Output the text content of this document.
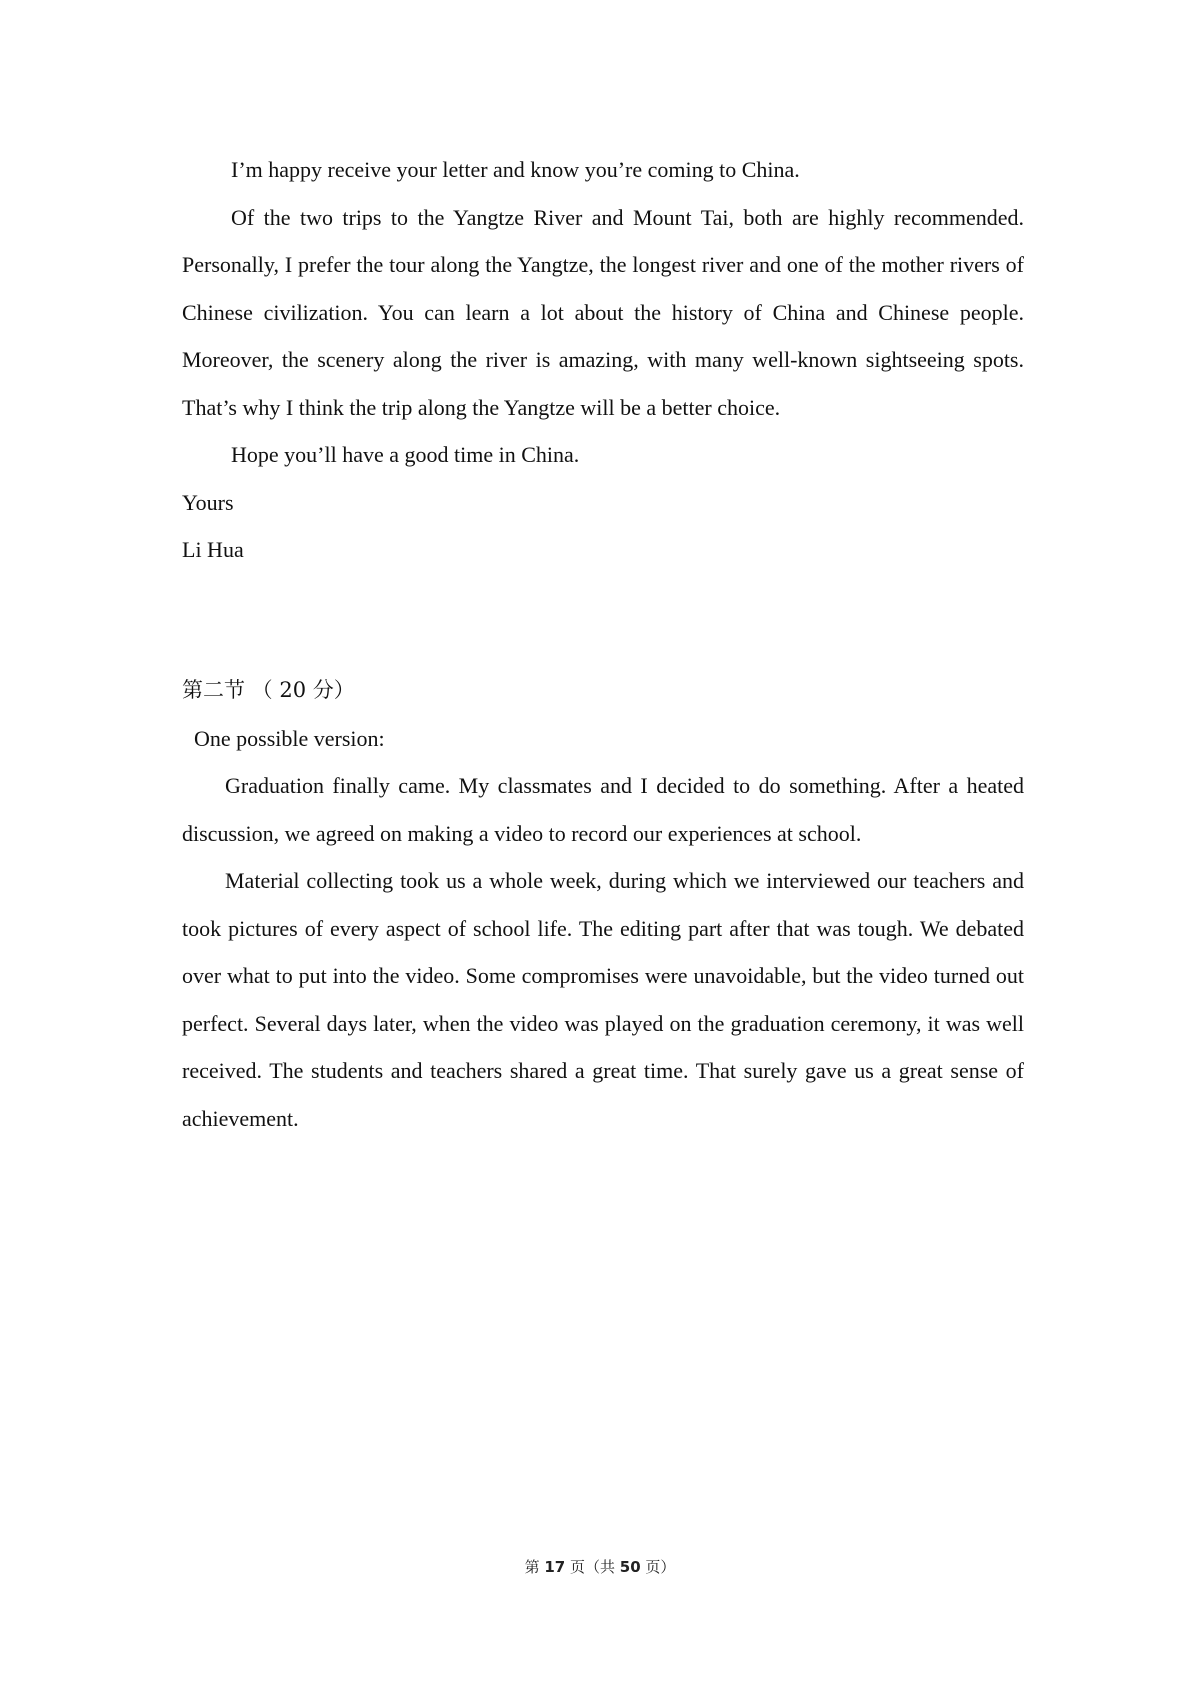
I’m happy receive your letter and know you’re coming to China.

Of the two trips to the Yangtze River and Mount Tai, both are highly recommended. Personally, I prefer the tour along the Yangtze, the longest river and one of the mother rivers of Chinese civilization. You can learn a lot about the history of China and Chinese people. Moreover, the scenery along the river is amazing, with many well-known sightseeing spots. That’s why I think the trip along the Yangtze will be a better choice.

Hope you’ll have a good time in China.

Yours

Li Hua

第二节 （ 20 分）

One possible version:

Graduation finally came. My classmates and I decided to do something. After a heated discussion, we agreed on making a video to record our experiences at school.

Material collecting took us a whole week, during which we interviewed our teachers and took pictures of every aspect of school life. The editing part after that was tough. We debated over what to put into the video. Some compromises were unavoidable, but the video turned out perfect. Several days later, when the video was played on the graduation ceremony, it was well received. The students and teachers shared a great time. That surely gave us a great sense of achievement.

第 17 页（共 50 页）
